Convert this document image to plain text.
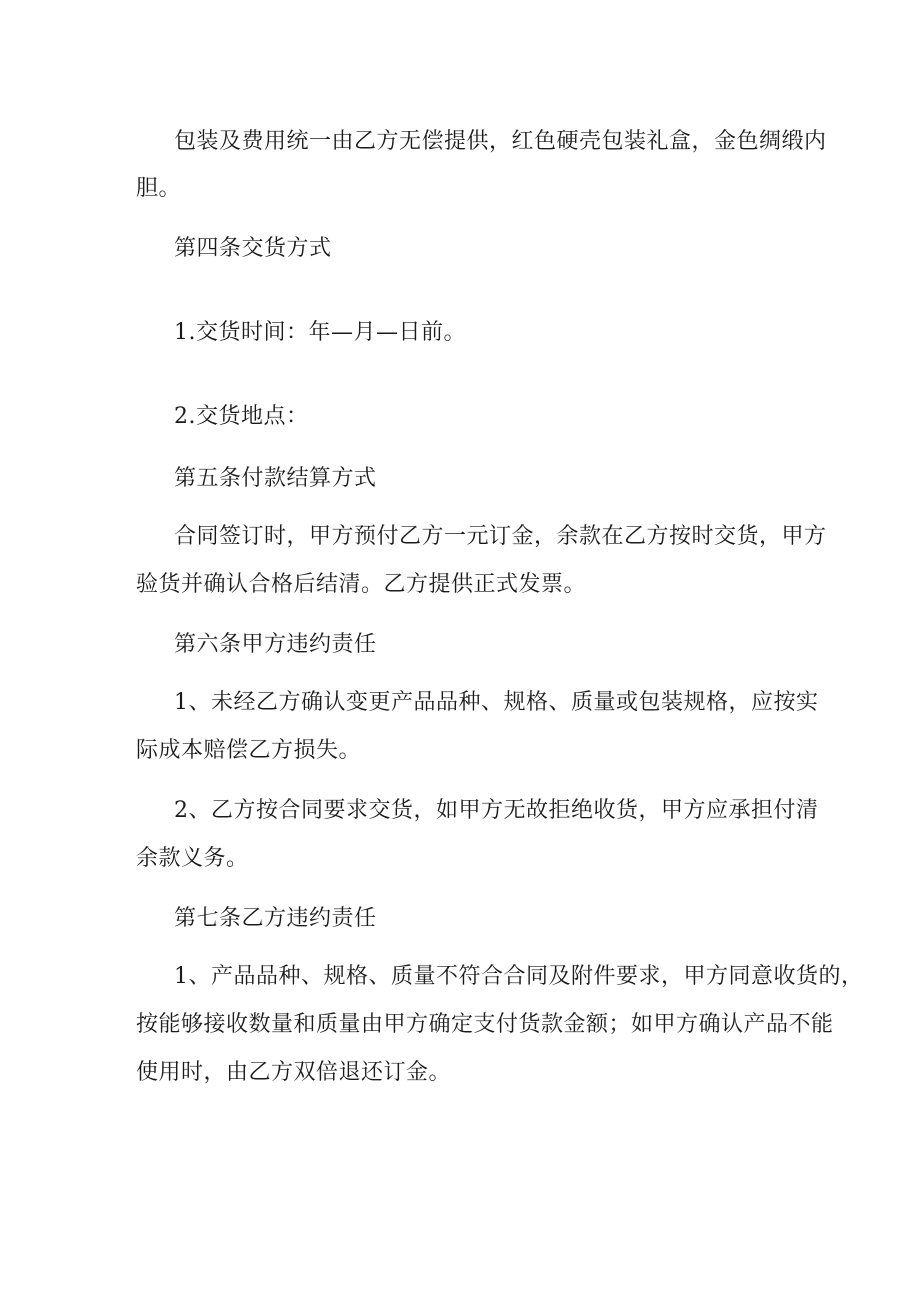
包装及费用统一由乙方无偿提供，红色硬壳包装礼盒，金色绸缎内
胆。
第四条交货方式
1.交货时间：年—月—日前。
2.交货地点：
第五条付款结算方式
合同签订时，甲方预付乙方一元订金，余款在乙方按时交货，甲方
验货并确认合格后结清。乙方提供正式发票。
第六条甲方违约责任
1、未经乙方确认变更产品品种、规格、质量或包装规格，应按实
际成本赔偿乙方损失。
2、乙方按合同要求交货，如甲方无故拒绝收货，甲方应承担付清
余款义务。
第七条乙方违约责任
1、产品品种、规格、质量不符合合同及附件要求，甲方同意收货的，
按能够接收数量和质量由甲方确定支付货款金额；如甲方确认产品不能
使用时，由乙方双倍退还订金。
